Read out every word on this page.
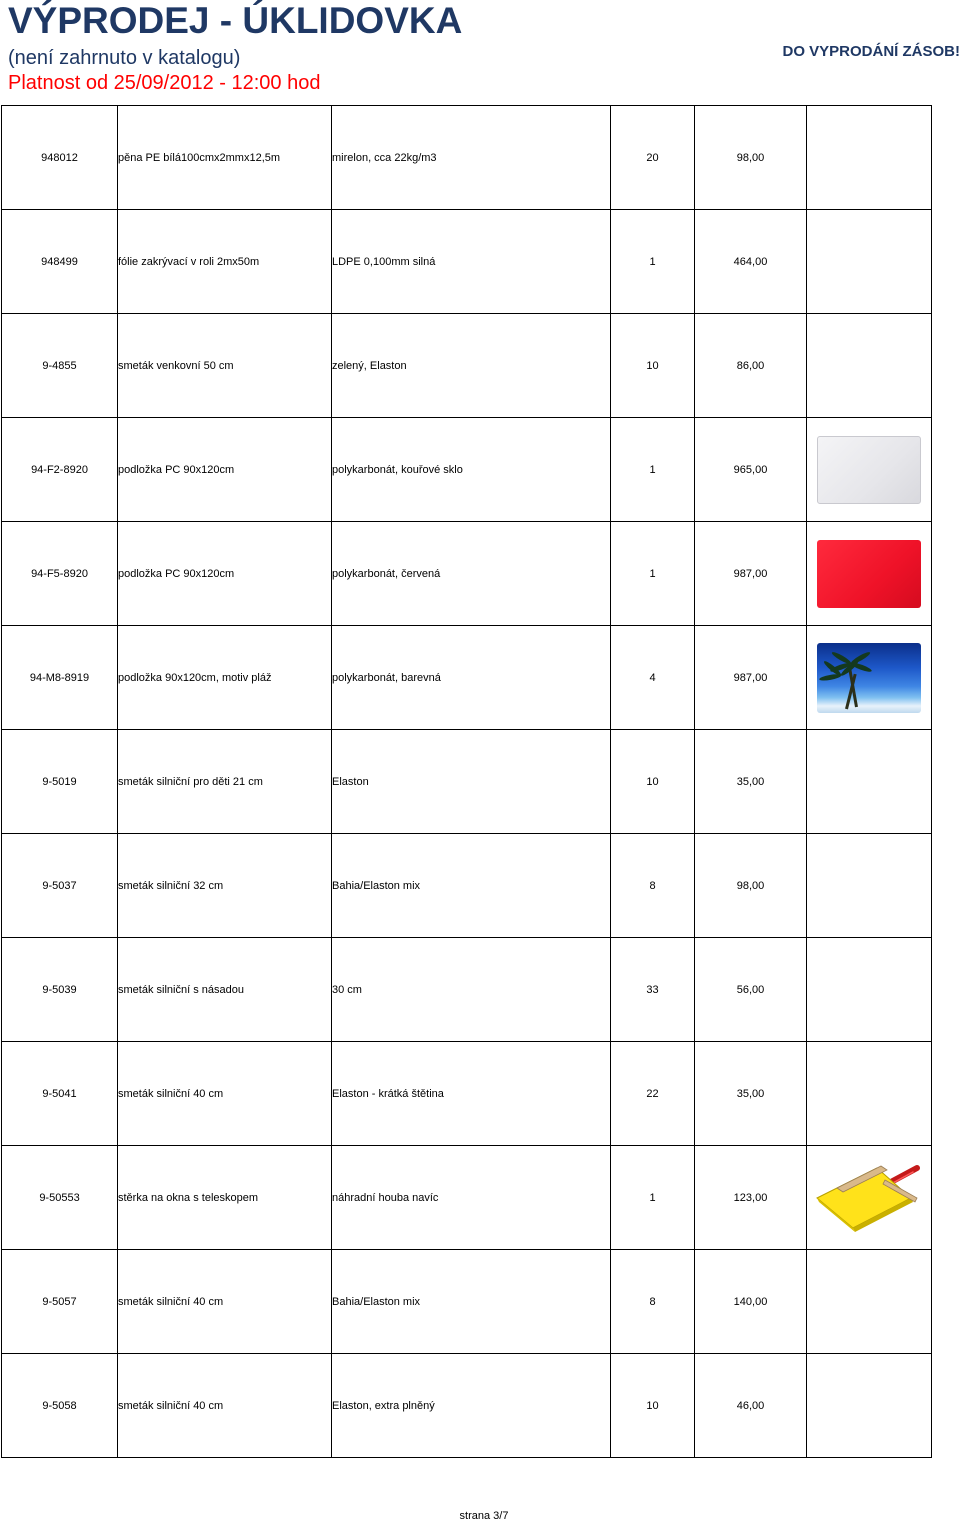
VÝPRODEJ - ÚKLIDOVKA
(není zahrnuto v katalogu)
Platnost od 25/09/2012 - 12:00 hod
DO VYPRODÁNÍ ZÁSOB!
948012	pěna PE bílá100cmx2mmx12,5m	mirelon, cca 22kg/m3	20	98,00	
948499	fólie zakrývací v roli 2mx50m	LDPE 0,100mm silná	1	464,00	
9-4855	smeták venkovní 50 cm	zelený, Elaston	10	86,00	
94-F2-8920	podložka PC 90x120cm	polykarbonát, kouřové sklo	1	965,00	

94-F5-8920	podložka PC 90x120cm	polykarbonát, červená	1	987,00	

94-M8-8919	podložka 90x120cm, motiv pláž	polykarbonát, barevná	4	987,00	

9-5019	smeták silniční pro děti 21 cm	Elaston	10	35,00	
9-5037	smeták silniční 32 cm	Bahia/Elaston mix	8	98,00	
9-5039	smeták silniční s násadou	30 cm	33	56,00	
9-5041	smeták silniční 40 cm	Elaston - krátká štětina	22	35,00	
9-50553	stěrka na okna s teleskopem	náhradní houba navíc	1	123,00	
9-5057	smeták silniční 40 cm	Bahia/Elaston mix	8	140,00	
9-5058	smeták silniční 40 cm	Elaston, extra plněný	10	46,00	
strana 3/7
